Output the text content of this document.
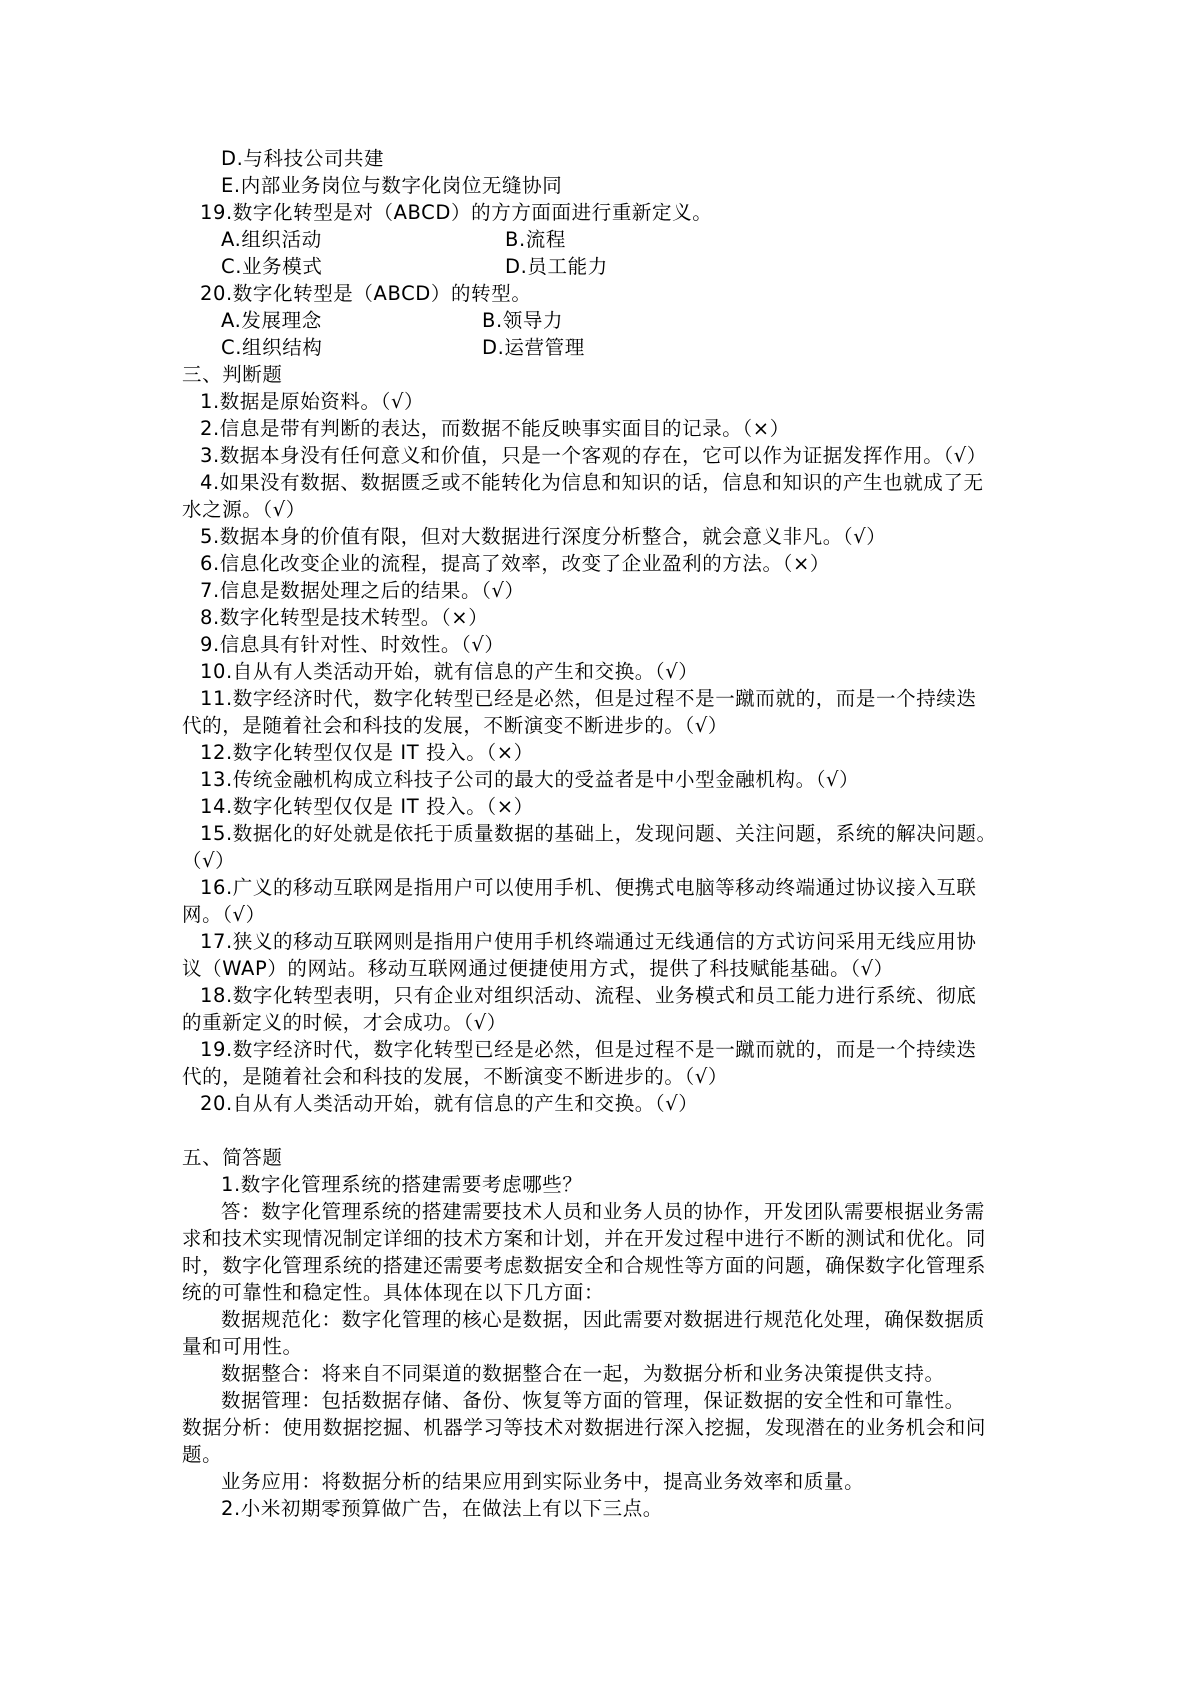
D.与科技公司共建
E.内部业务岗位与数字化岗位无缝协同
19.数字化转型是对（ABCD）的方方面面进行重新定义。
A.组织活动	B.流程
C.业务模式	D.员工能力
20.数字化转型是（ABCD）的转型。
A.发展理念	B.领导力
C.组织结构	D.运营管理
三、判断题
1.数据是原始资料。（√）
2.信息是带有判断的表达，而数据不能反映事实面目的记录。（×）
3.数据本身没有任何意义和价值，只是一个客观的存在，它可以作为证据发挥作用。（√）
4.如果没有数据、数据匮乏或不能转化为信息和知识的话，信息和知识的产生也就成了无
水之源。（√）
5.数据本身的价值有限，但对大数据进行深度分析整合，就会意义非凡。（√）
6.信息化改变企业的流程，提高了效率，改变了企业盈利的方法。（×）
7.信息是数据处理之后的结果。（√）
8.数字化转型是技术转型。（×）
9.信息具有针对性、时效性。（√）
10.自从有人类活动开始，就有信息的产生和交换。（√）
11.数字经济时代，数字化转型已经是必然，但是过程不是一蹴而就的，而是一个持续迭
代的，是随着社会和科技的发展，不断演变不断进步的。（√）
12.数字化转型仅仅是 IT 投入。（×）
13.传统金融机构成立科技子公司的最大的受益者是中小型金融机构。（√）
14.数字化转型仅仅是 IT 投入。（×）
15.数据化的好处就是依托于质量数据的基础上，发现问题、关注问题，系统的解决问题。
（√）
16.广义的移动互联网是指用户可以使用手机、便携式电脑等移动终端通过协议接入互联
网。（√）
17.狭义的移动互联网则是指用户使用手机终端通过无线通信的方式访问采用无线应用协
议（WAP）的网站。移动互联网通过便捷使用方式，提供了科技赋能基础。（√）
18.数字化转型表明，只有企业对组织活动、流程、业务模式和员工能力进行系统、彻底
的重新定义的时候，才会成功。（√）
19.数字经济时代，数字化转型已经是必然，但是过程不是一蹴而就的，而是一个持续迭
代的，是随着社会和科技的发展，不断演变不断进步的。（√）
20.自从有人类活动开始，就有信息的产生和交换。（√）
五、简答题
1.数字化管理系统的搭建需要考虑哪些？
答：数字化管理系统的搭建需要技术人员和业务人员的协作，开发团队需要根据业务需
求和技术实现情况制定详细的技术方案和计划，并在开发过程中进行不断的测试和优化。同
时，数字化管理系统的搭建还需要考虑数据安全和合规性等方面的问题，确保数字化管理系
统的可靠性和稳定性。具体体现在以下几方面：
数据规范化：数字化管理的核心是数据，因此需要对数据进行规范化处理，确保数据质
量和可用性。
数据整合：将来自不同渠道的数据整合在一起，为数据分析和业务决策提供支持。
数据管理：包括数据存储、备份、恢复等方面的管理，保证数据的安全性和可靠性。
数据分析：使用数据挖掘、机器学习等技术对数据进行深入挖掘，发现潜在的业务机会和问
题。
业务应用：将数据分析的结果应用到实际业务中，提高业务效率和质量。
2.小米初期零预算做广告，在做法上有以下三点。
